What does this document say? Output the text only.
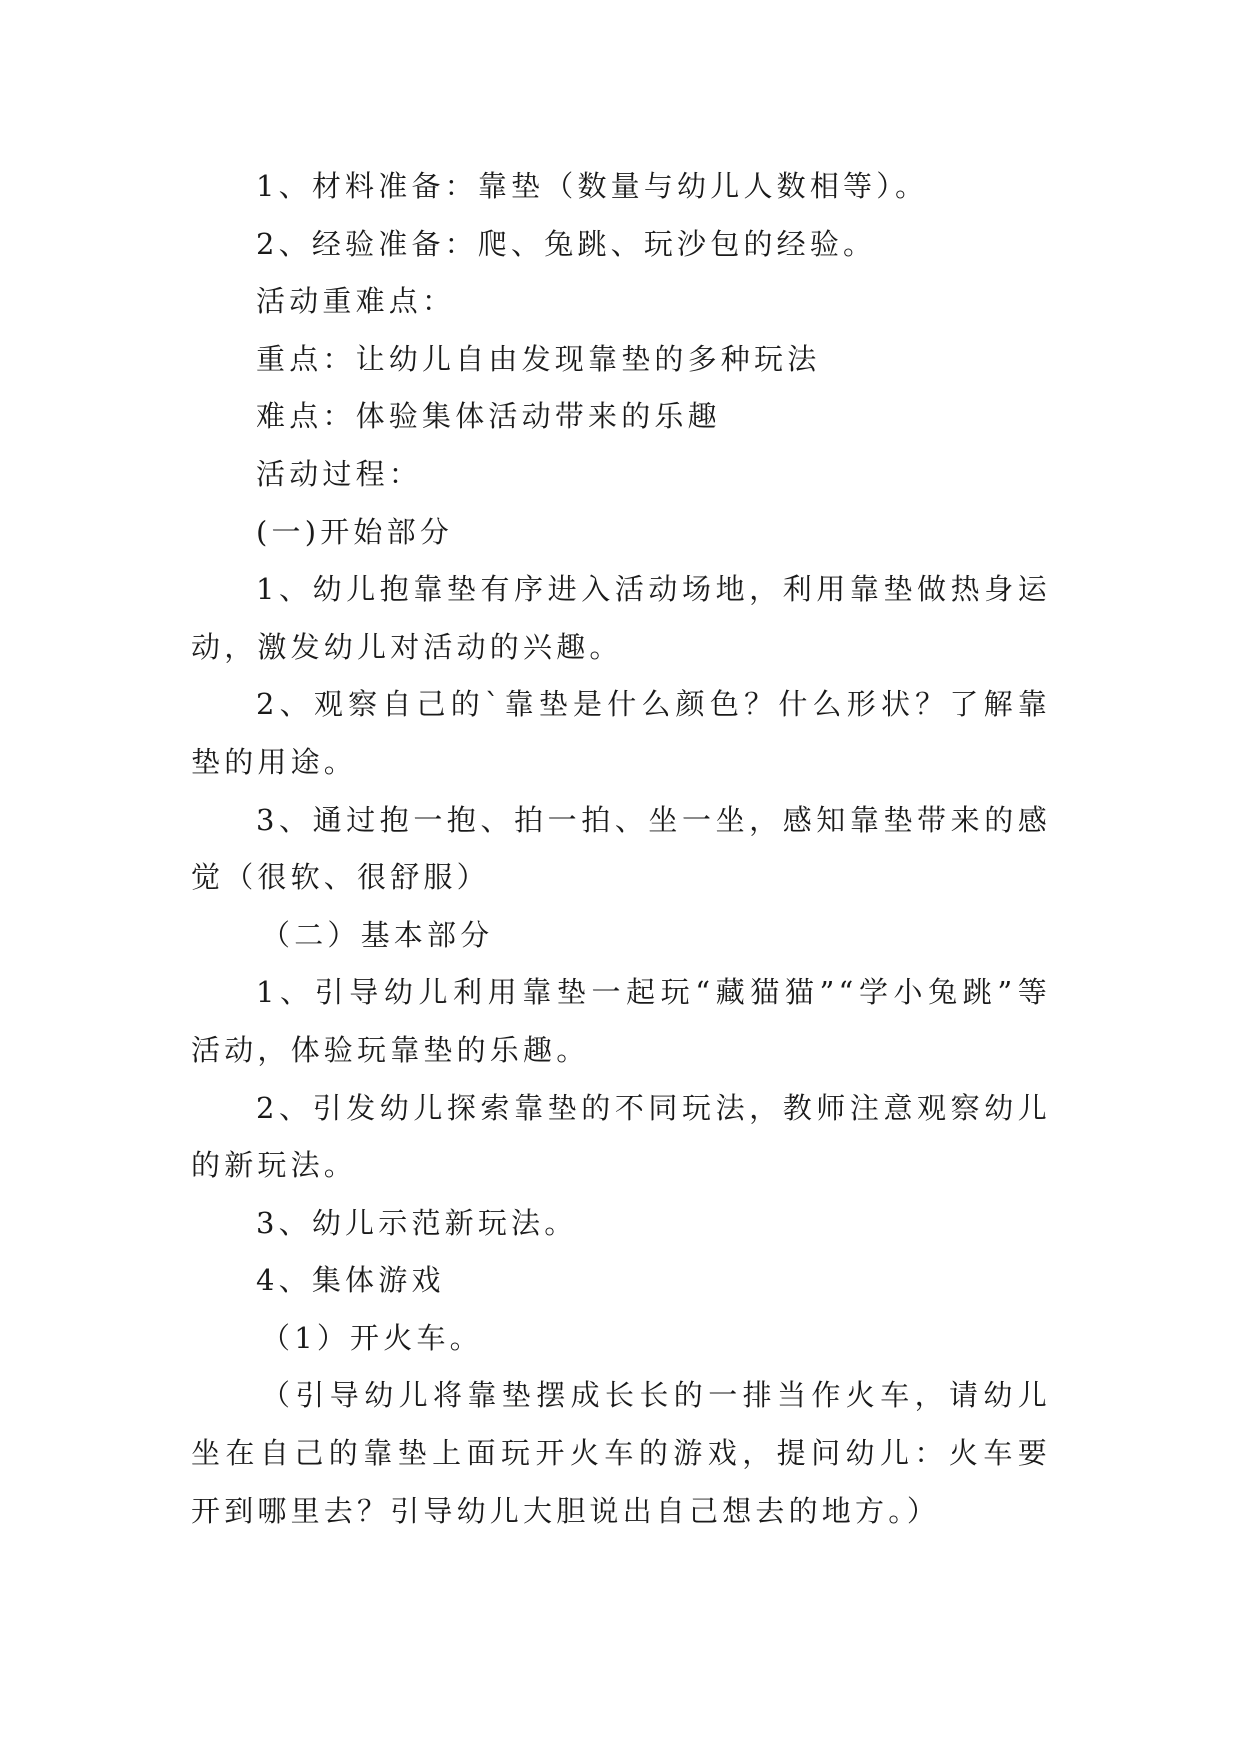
1、材料准备：靠垫（数量与幼儿人数相等）。

2、经验准备：爬、兔跳、玩沙包的经验。

活动重难点：

重点：让幼儿自由发现靠垫的多种玩法

难点：体验集体活动带来的乐趣

活动过程：

(一)开始部分

1、幼儿抱靠垫有序进入活动场地，利用靠垫做热身运动，激发幼儿对活动的兴趣。

2、观察自己的`靠垫是什么颜色？什么形状？了解靠垫的用途。

3、通过抱一抱、拍一拍、坐一坐，感知靠垫带来的感觉（很软、很舒服）

（二）基本部分

1、引导幼儿利用靠垫一起玩“藏猫猫”“学小兔跳”等活动，体验玩靠垫的乐趣。

2、引发幼儿探索靠垫的不同玩法，教师注意观察幼儿的新玩法。

3、幼儿示范新玩法。

4、集体游戏

（1）开火车。

（引导幼儿将靠垫摆成长长的一排当作火车，请幼儿坐在自己的靠垫上面玩开火车的游戏，提问幼儿：火车要开到哪里去？引导幼儿大胆说出自己想去的地方。）
